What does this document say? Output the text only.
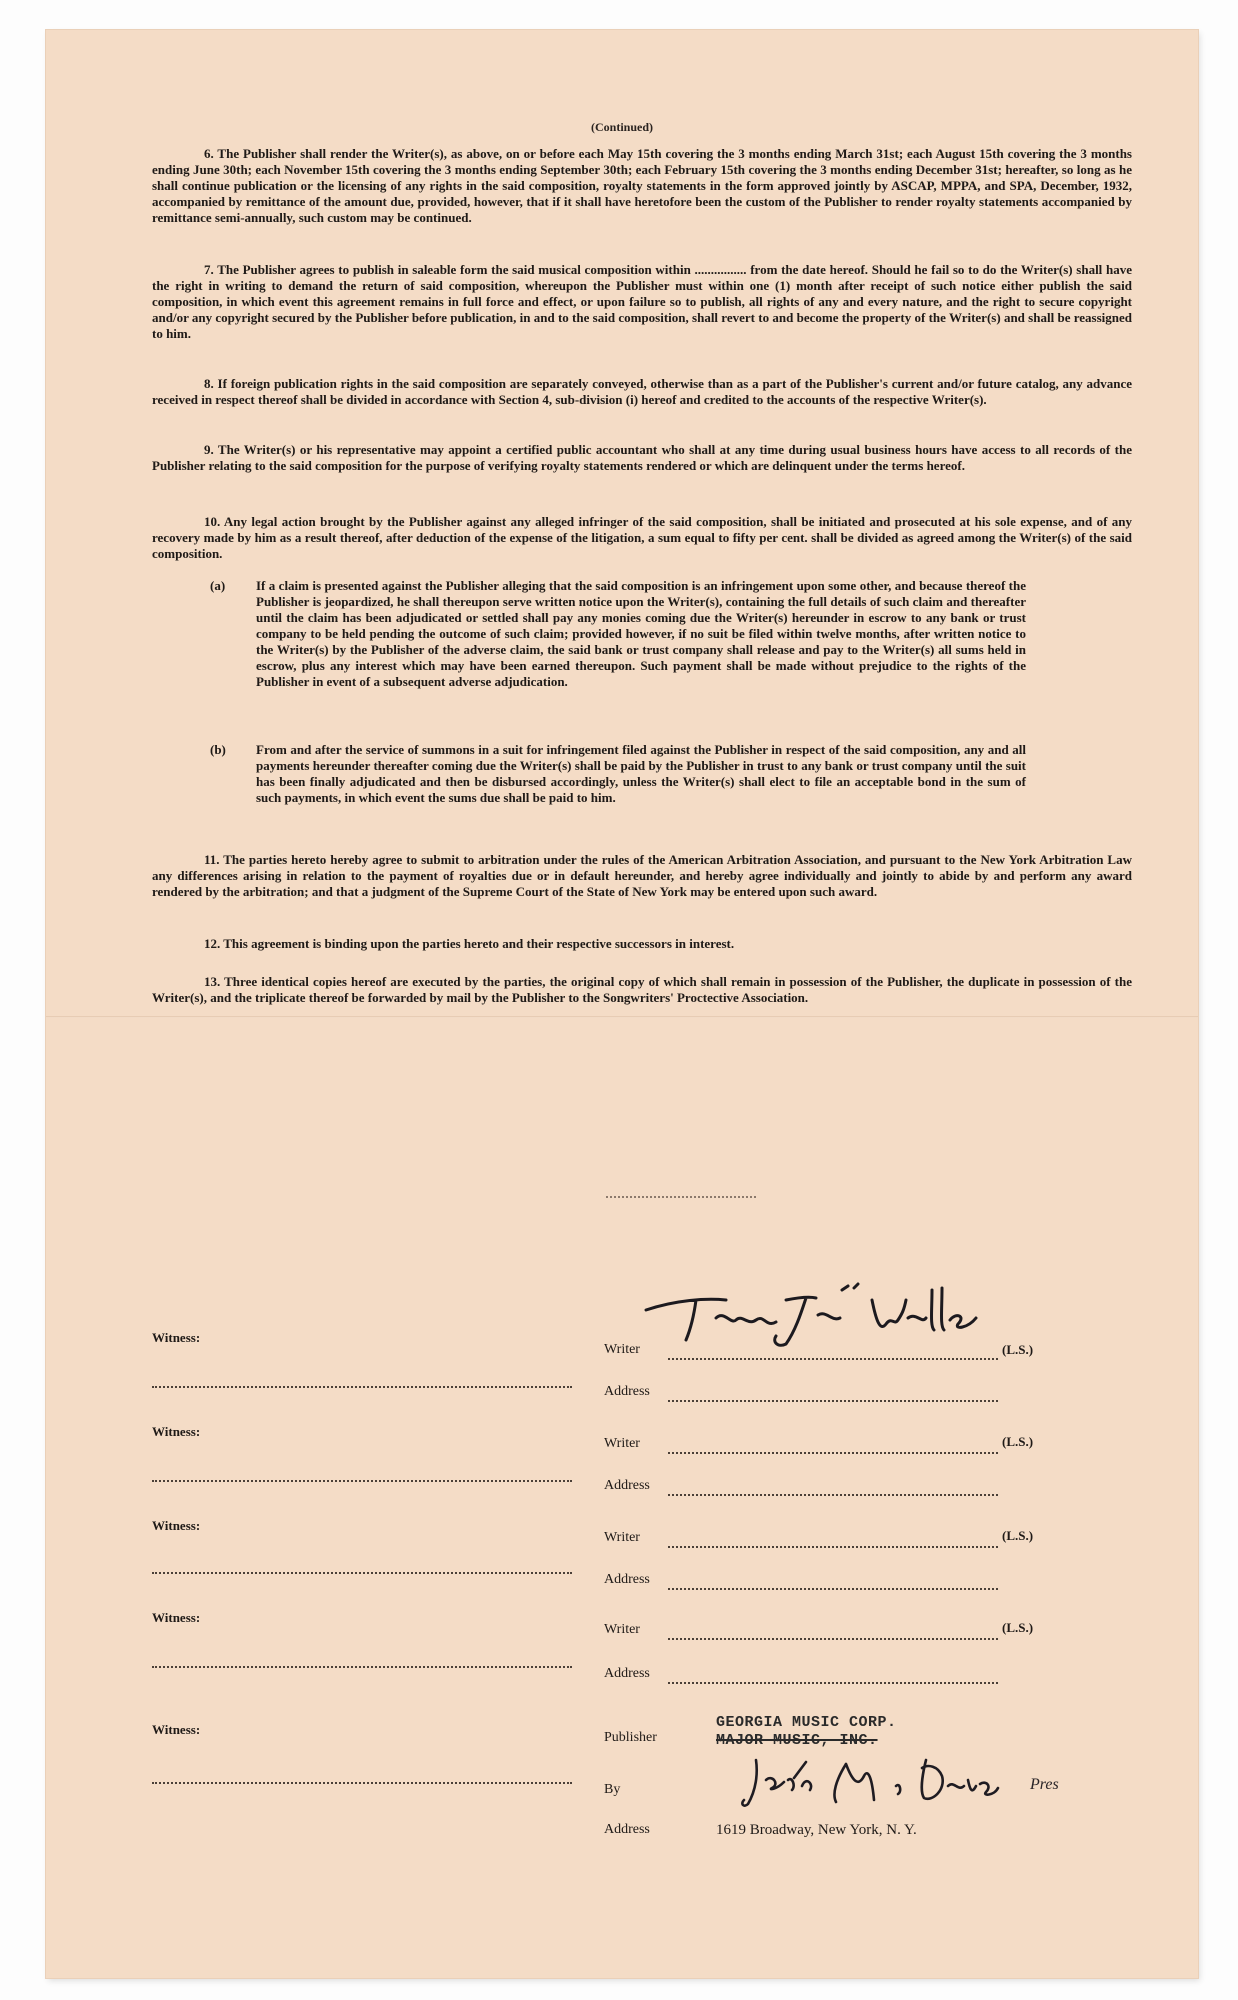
(Continued)

6. The Publisher shall render the Writer(s), as above, on or before each May 15th covering the 3 months ending March 31st; each August 15th covering the 3 months ending June 30th; each November 15th covering the 3 months ending September 30th; each February 15th covering the 3 months ending December 31st; hereafter, so long as he shall continue publication or the licensing of any rights in the said composition, royalty statements in the form approved jointly by ASCAP, MPPA, and SPA, December, 1932, accompanied by remittance of the amount due, provided, however, that if it shall have heretofore been the custom of the Publisher to render royalty statements accompanied by remittance semi-annually, such custom may be continued.

7. The Publisher agrees to publish in saleable form the said musical composition within ................ from the date hereof. Should he fail so to do the Writer(s) shall have the right in writing to demand the return of said composition, whereupon the Publisher must within one (1) month after receipt of such notice either publish the said composition, in which event this agreement remains in full force and effect, or upon failure so to publish, all rights of any and every nature, and the right to secure copyright and/or any copyright secured by the Publisher before publication, in and to the said composition, shall revert to and become the property of the Writer(s) and shall be reassigned to him.

8. If foreign publication rights in the said composition are separately conveyed, otherwise than as a part of the Publisher's current and/or future catalog, any advance received in respect thereof shall be divided in accordance with Section 4, sub-division (i) hereof and credited to the accounts of the respective Writer(s).

9. The Writer(s) or his representative may appoint a certified public accountant who shall at any time during usual business hours have access to all records of the Publisher relating to the said composition for the purpose of verifying royalty statements rendered or which are delinquent under the terms hereof.

10. Any legal action brought by the Publisher against any alleged infringer of the said composition, shall be initiated and prosecuted at his sole expense, and of any recovery made by him as a result thereof, after deduction of the expense of the litigation, a sum equal to fifty per cent. shall be divided as agreed among the Writer(s) of the said composition.

(a) If a claim is presented against the Publisher alleging that the said composition is an infringement upon some other, and because thereof the Publisher is jeopardized, he shall thereupon serve written notice upon the Writer(s), containing the full details of such claim and thereafter until the claim has been adjudicated or settled shall pay any monies coming due the Writer(s) hereunder in escrow to any bank or trust company to be held pending the outcome of such claim; provided however, if no suit be filed within twelve months, after written notice to the Writer(s) by the Publisher of the adverse claim, the said bank or trust company shall release and pay to the Writer(s) all sums held in escrow, plus any interest which may have been earned thereupon. Such payment shall be made without prejudice to the rights of the Publisher in event of a subsequent adverse adjudication.
(b) From and after the service of summons in a suit for infringement filed against the Publisher in respect of the said composition, any and all payments hereunder thereafter coming due the Writer(s) shall be paid by the Publisher in trust to any bank or trust company until the suit has been finally adjudicated and then be disbursed accordingly, unless the Writer(s) shall elect to file an acceptable bond in the sum of such payments, in which event the sums due shall be paid to him.

11. The parties hereto hereby agree to submit to arbitration under the rules of the American Arbitration Association, and pursuant to the New York Arbitration Law any differences arising in relation to the payment of royalties due or in default hereunder, and hereby agree individually and jointly to abide by and perform any award rendered by the arbitration; and that a judgment of the Supreme Court of the State of New York may be entered upon such award.

12. This agreement is binding upon the parties hereto and their respective successors in interest.

13. Three identical copies hereof are executed by the parties, the original copy of which shall remain in possession of the Publisher, the duplicate in possession of the Writer(s), and the triplicate thereof be forwarded by mail by the Publisher to the Songwriters' Proctective Association.

Witness:
Witness:
Witness:
Witness:
Witness:
Writer	(L.S.)
Address
Writer	(L.S.)
Address
Writer	(L.S.)
Address
Writer	(L.S.)
Address
Publisher
GEORGIA MUSIC CORP.
MAJOR MUSIC, INC.
By	Pres
Address	1619 Broadway, New York, N. Y.
